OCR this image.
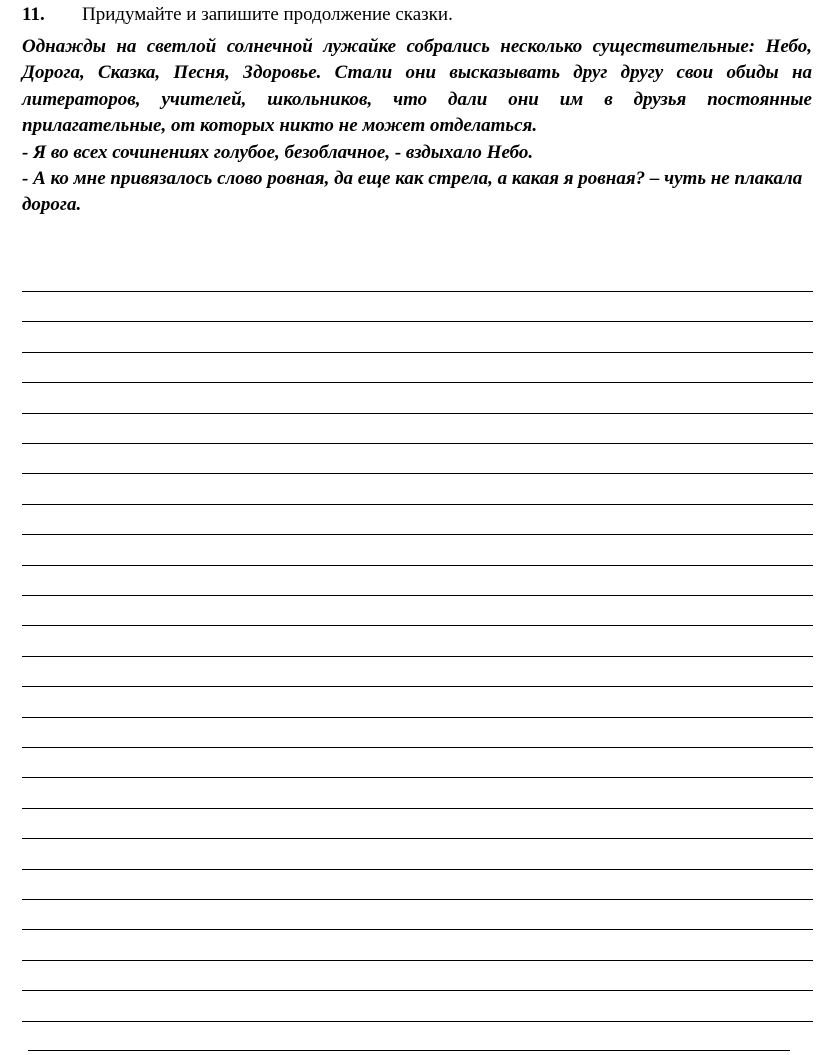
11. Придумайте и запишите продолжение сказки.

Однажды на светлой солнечной лужайке собрались несколько существительные: Небо, Дорога, Сказка, Песня, Здоровье. Стали они высказывать друг другу свои обиды на литераторов, учителей, школьников, что дали они им в друзья постоянные прилагательные, от которых никто не может отделаться.

- Я во всех сочинениях голубое, безоблачное, - вздыхало Небо.

- А ко мне привязалось слово ровная, да еще как стрела, а какая я ровная? – чуть не плакала дорога.
